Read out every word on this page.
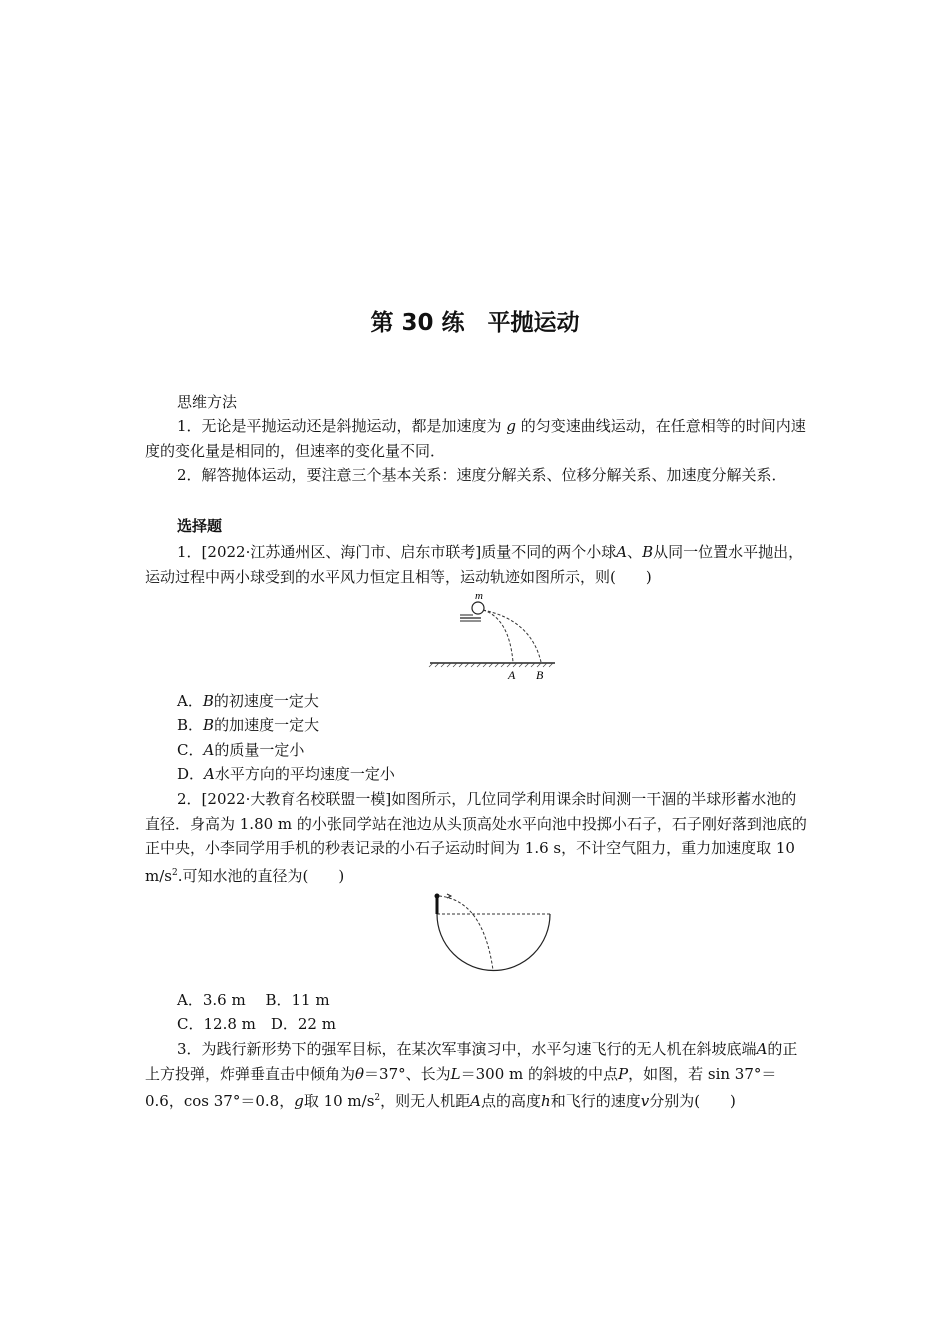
第 30 练　平抛运动
思维方法

1．无论是平抛运动还是斜抛运动，都是加速度为 g 的匀变速曲线运动，在任意相等的时间内速度的变化量是相同的，但速率的变化量不同．

2．解答抛体运动，要注意三个基本关系：速度分解关系、位移分解关系、加速度分解关系．

选择题

1．[2022·江苏通州区、海门市、启东市联考]质量不同的两个小球A、B从同一位置水平抛出，运动过程中两小球受到的水平风力恒定且相等，运动轨迹如图所示，则(　　)

m
A B
A．B的初速度一定大
B．B的加速度一定大
C．A的质量一定小
D．A水平方向的平均速度一定小

2．[2022·大教育名校联盟一模]如图所示，几位同学利用课余时间测一干涸的半球形蓄水池的直径．身高为 1.80 m 的小张同学站在池边从头顶高处水平向池中投掷小石子，石子刚好落到池底的正中央，小李同学用手机的秒表记录的小石子运动时间为 1.6 s，不计空气阻力，重力加速度取 10 $m/s^2$.可知水池的直径为(　　)

A．3.6 m　 B．11 m
C．12.8 m　D．22 m

3．为践行新形势下的强军目标，在某次军事演习中，水平匀速飞行的无人机在斜坡底端A的正上方投弹，炸弹垂直击中倾角为θ＝37°、长为L＝300 m 的斜坡的中点P，如图，若 sin 37°＝0.6，cos 37°＝0.8，g取 10 $m/s^2$，则无人机距A点的高度h和飞行的速度v分别为(　　)
